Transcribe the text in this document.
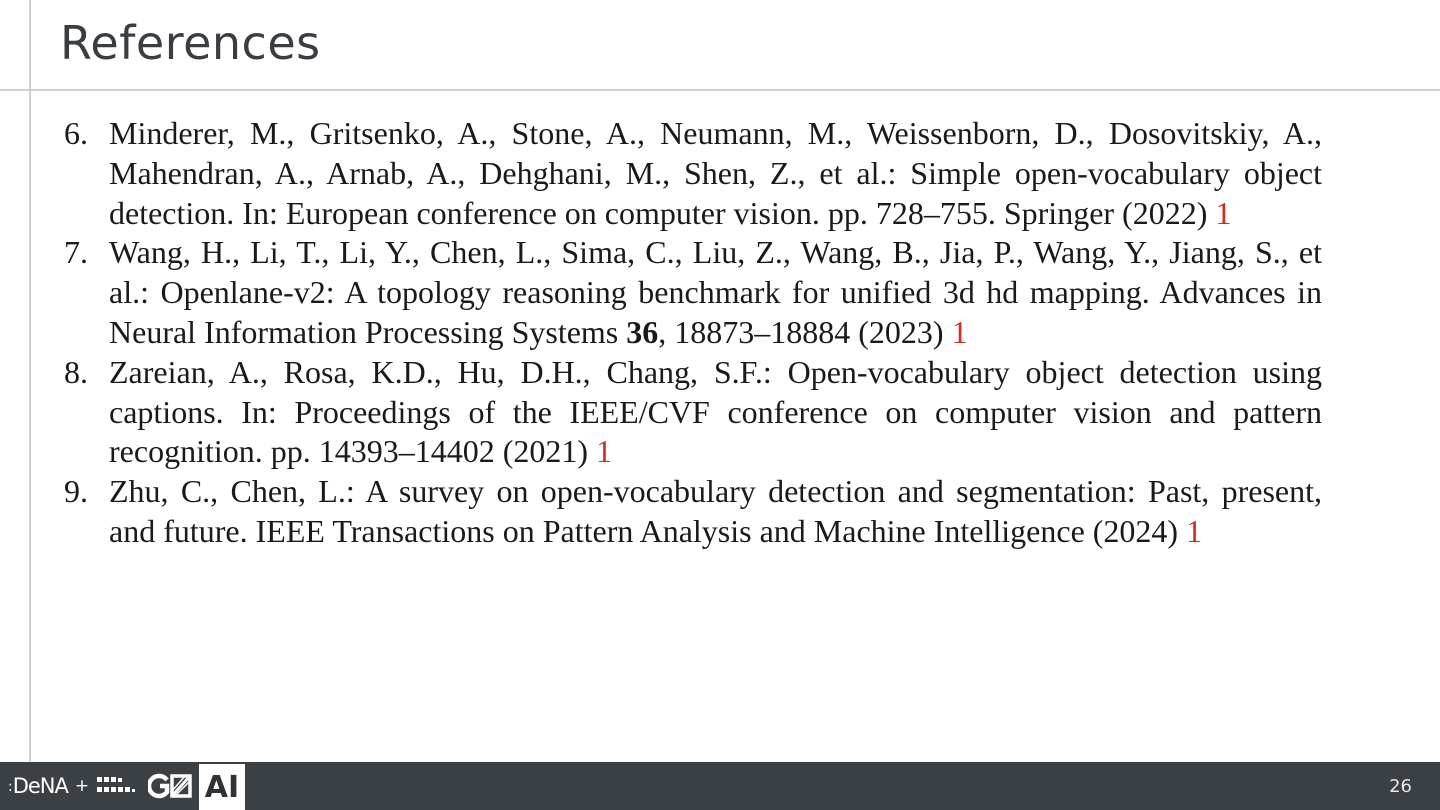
References
6. Minderer, M., Gritsenko, A., Stone, A., Neumann, M., Weissenborn, D., Dosovitskiy, A., Mahendran, A., Arnab, A., Dehghani, M., Shen, Z., et al.: Simple open-vocabulary object detection. In: European conference on computer vision. pp. 728–755. Springer (2022) 1
7. Wang, H., Li, T., Li, Y., Chen, L., Sima, C., Liu, Z., Wang, B., Jia, P., Wang, Y., Jiang, S., et al.: Openlane-v2: A topology reasoning benchmark for unified 3d hd mapping. Advances in Neural Information Processing Systems 36, 18873–18884 (2023) 1
8. Zareian, A., Rosa, K.D., Hu, D.H., Chang, S.F.: Open-vocabulary object detection using captions. In: Proceedings of the IEEE/CVF conference on computer vision and pattern recognition. pp. 14393–14402 (2021) 1
9. Zhu, C., Chen, L.: A survey on open-vocabulary detection and segmentation: Past, present, and future. IEEE Transactions on Pattern Analysis and Machine Intelligence (2024) 1
:DeNA +	AI	26
